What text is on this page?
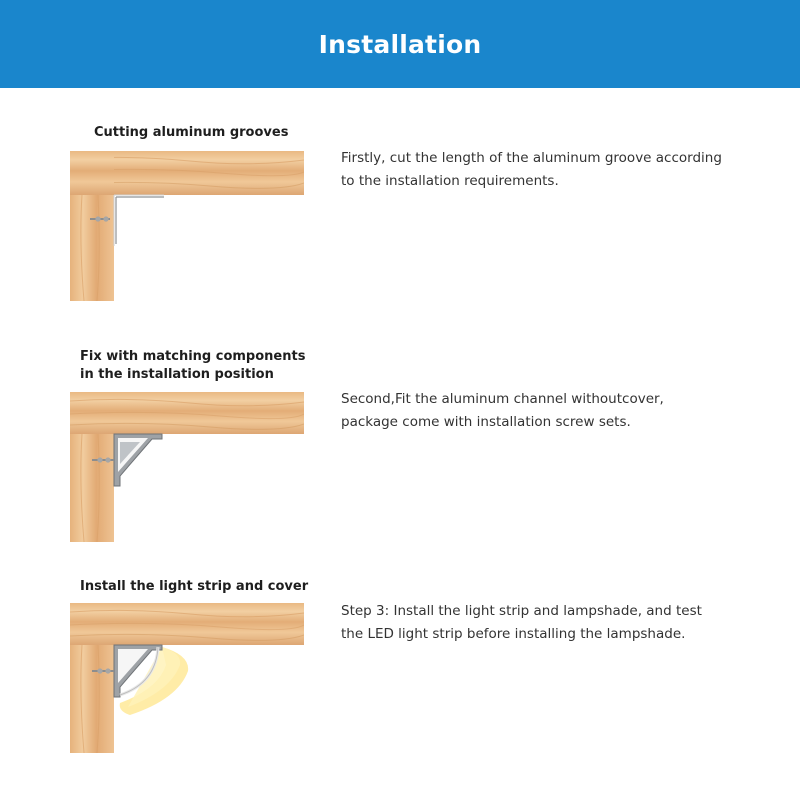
Installation
Cutting aluminum grooves
Firstly, cut the length of the aluminum groove according
to the installation requirements.
Fix with matching components
in the installation position
Second,Fit the aluminum channel withoutcover,
package come with installation screw sets.
Install the light strip and cover
Step 3: Install the light strip and lampshade, and test
the LED light strip before installing the lampshade.
